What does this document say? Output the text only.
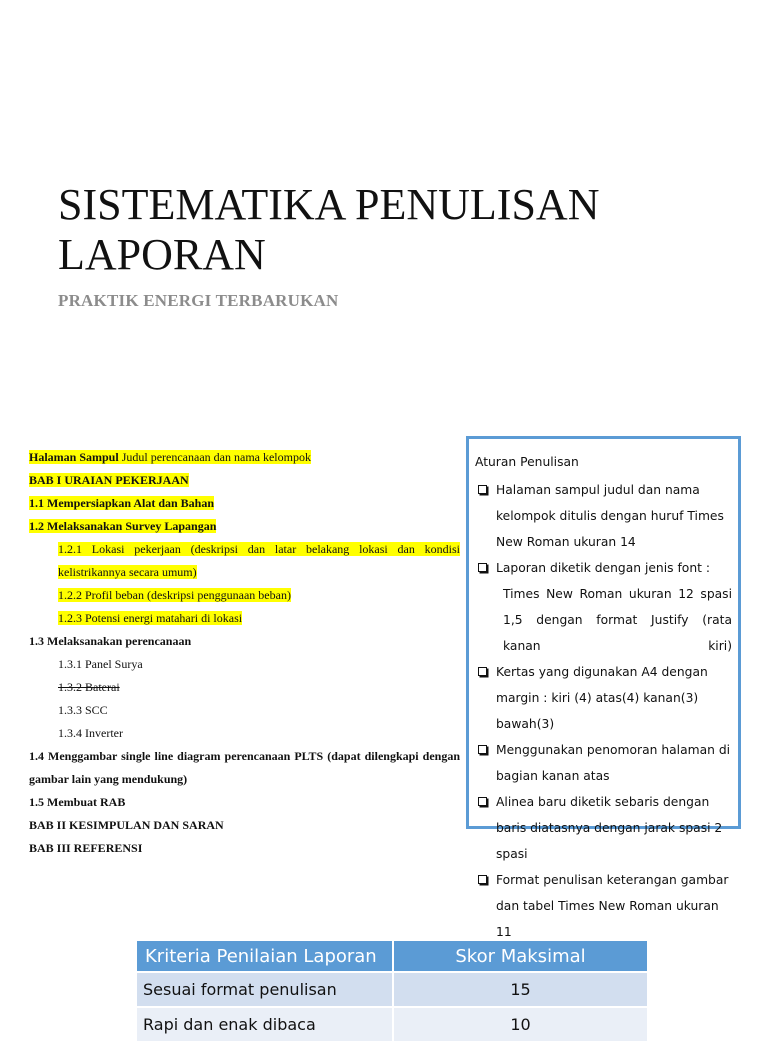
SISTEMATIKA PENULISAN LAPORAN
PRAKTIK ENERGI TERBARUKAN
Halaman Sampul Judul perencanaan dan nama kelompok
BAB I URAIAN PEKERJAAN
1.1 Mempersiapkan Alat dan Bahan
1.2 Melaksanakan Survey Lapangan
1.2.1 Lokasi pekerjaan (deskripsi dan latar belakang lokasi dan kondisi kelistrikannya secara umum)
1.2.2 Profil beban (deskripsi penggunaan beban)
1.2.3 Potensi energi matahari di lokasi
1.3 Melaksanakan perencanaan
1.3.1 Panel Surya
1.3.2 Baterai
1.3.3 SCC
1.3.4 Inverter
1.4 Menggambar single line diagram perencanaan PLTS (dapat dilengkapi dengan gambar lain yang mendukung)
1.5 Membuat RAB
BAB II KESIMPULAN DAN SARAN
BAB III REFERENSI
Aturan Penulisan
Halaman sampul judul dan nama kelompok ditulis dengan huruf Times New Roman ukuran 14
Laporan diketik dengan jenis font :
Times New Roman ukuran 12 spasi 1,5 dengan format Justify (rata kanan kiri)
Kertas yang digunakan A4 dengan margin : kiri (4) atas(4) kanan(3) bawah(3)
Menggunakan penomoran halaman di bagian kanan atas
Alinea baru diketik sebaris dengan baris diatasnya dengan jarak spasi 2 spasi
Format penulisan keterangan gambar dan tabel Times New Roman ukuran 11
Kriteria Penilaian Laporan	Skor Maksimal
Sesuai format penulisan	15
Rapi dan enak dibaca	10
